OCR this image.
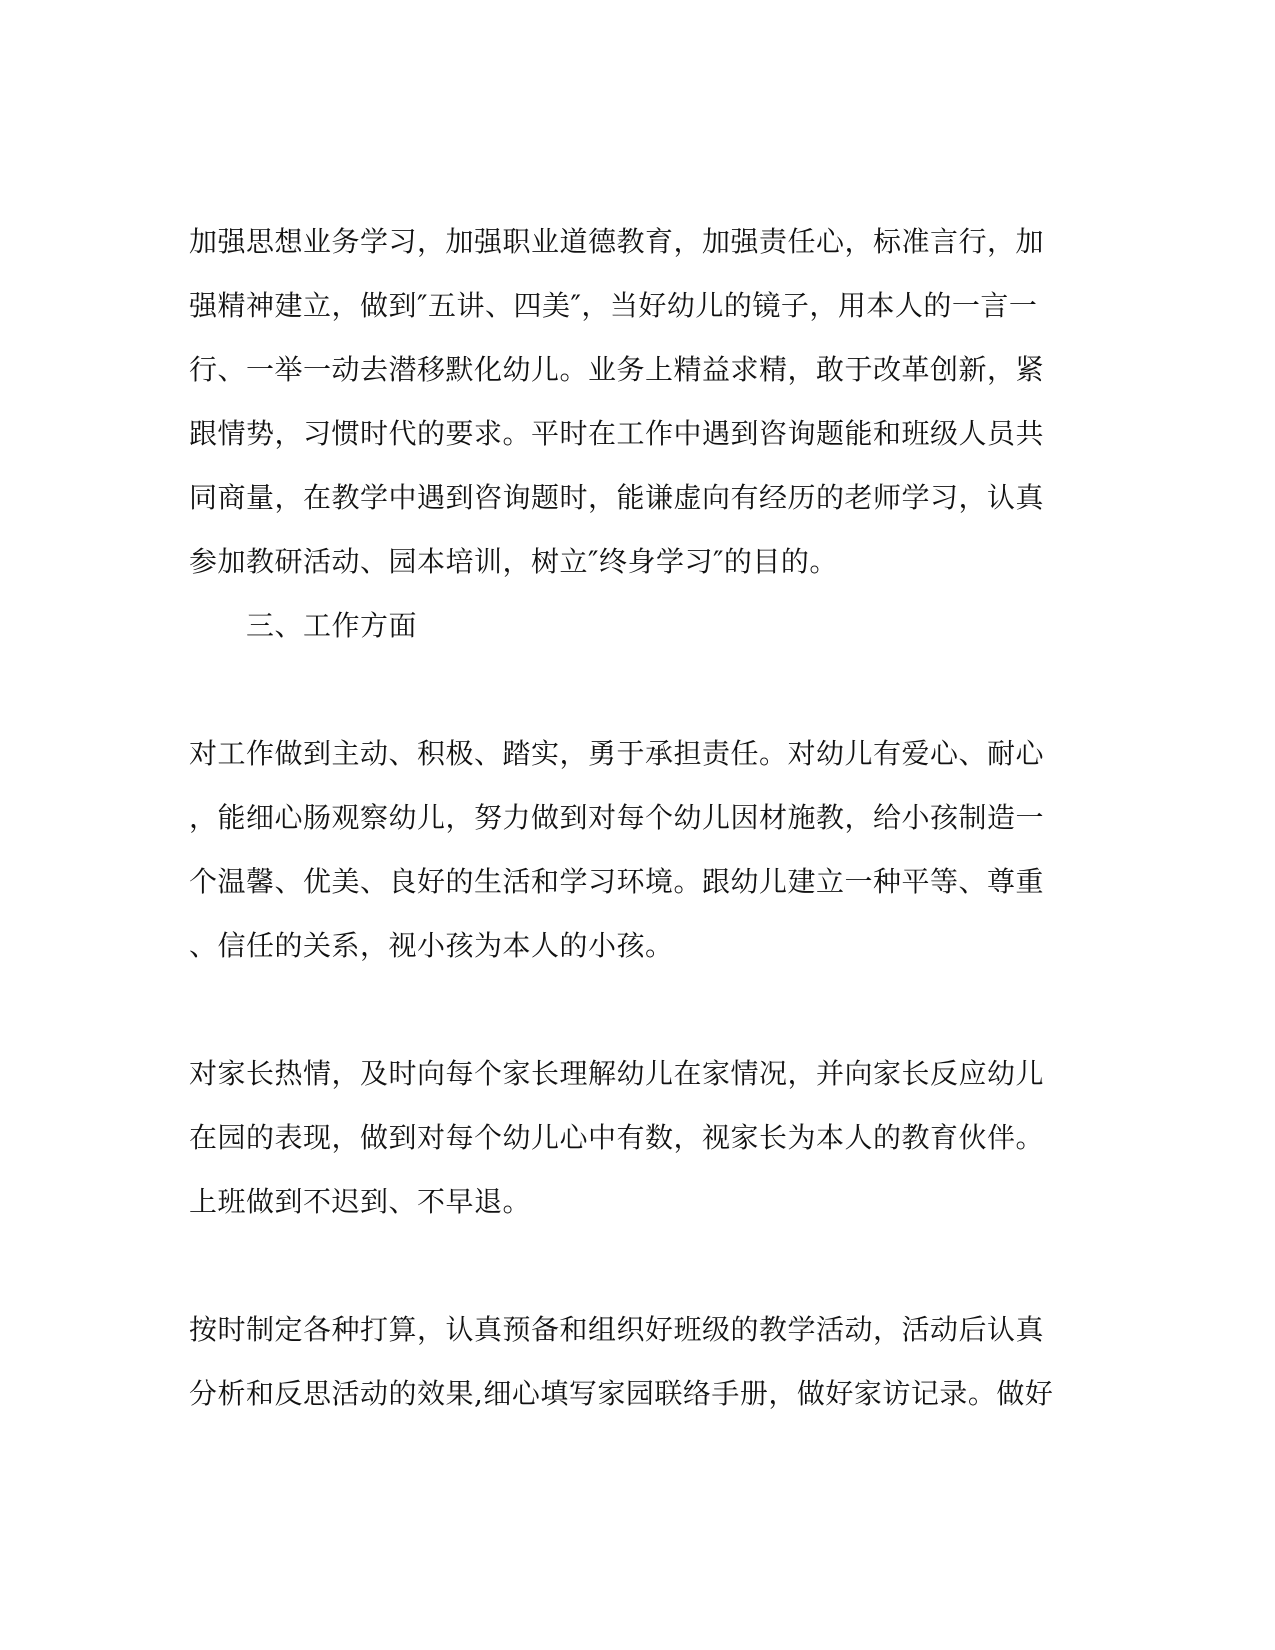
加强思想业务学习，加强职业道德教育，加强责任心，标准言行，加
强精神建立，做到″五讲、四美″，当好幼儿的镜子，用本人的一言一
行、一举一动去潜移默化幼儿。业务上精益求精，敢于改革创新，紧
跟情势，习惯时代的要求。平时在工作中遇到咨询题能和班级人员共
同商量，在教学中遇到咨询题时，能谦虚向有经历的老师学习，认真
参加教研活动、园本培训，树立″终身学习″的目的。
三、工作方面
对工作做到主动、积极、踏实，勇于承担责任。对幼儿有爱心、耐心
，能细心肠观察幼儿，努力做到对每个幼儿因材施教，给小孩制造一
个温馨、优美、良好的生活和学习环境。跟幼儿建立一种平等、尊重
、信任的关系，视小孩为本人的小孩。
对家长热情，及时向每个家长理解幼儿在家情况，并向家长反应幼儿
在园的表现，做到对每个幼儿心中有数，视家长为本人的教育伙伴。
上班做到不迟到、不早退。
按时制定各种打算，认真预备和组织好班级的教学活动，活动后认真
分析和反思活动的效果,细心填写家园联络手册，做好家访记录。做好
